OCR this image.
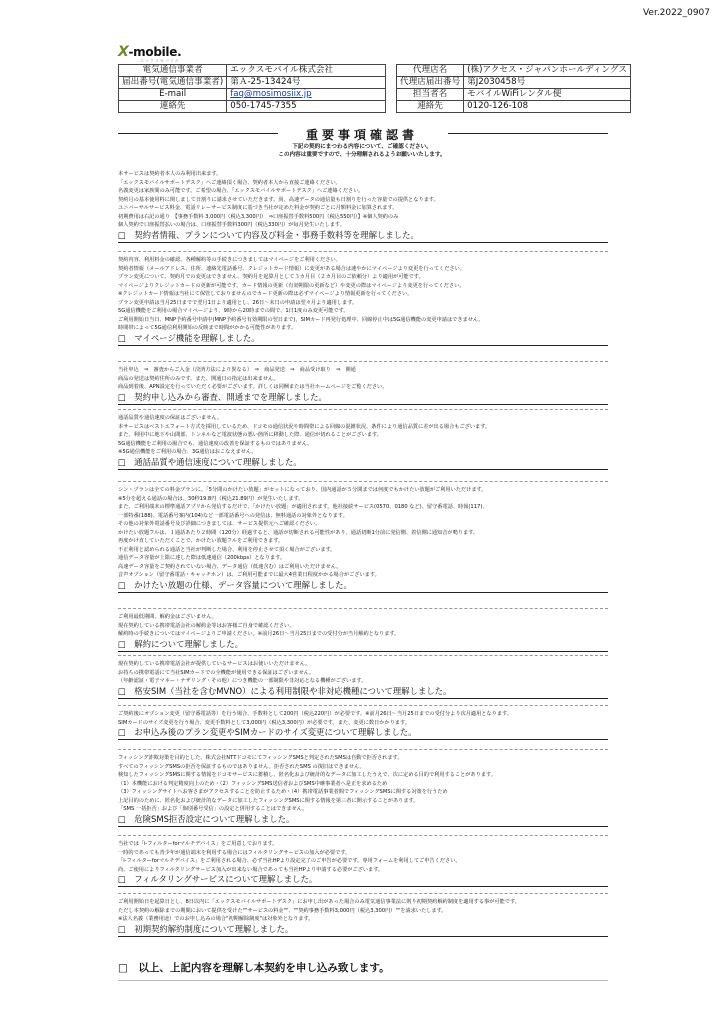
Ver.2022_0907
X-mobile.
エックスモバイル
電気通信事業者	エックスモバイル株式会社
届出番号(電気通信事業者)	第Ａ-25-13424号
E-mail	faq@mosimosiix.jp
連絡先	050-1745-7355
代理店名	(株)アクセス・ジャパンホールディングス
代理店届出番号	第J2030458号
担当者名	モバイルWiFiレンタル便
連絡先	0120-126-108
重要事項確認書
下記の契約にまつわる内容について、ご確認ください。
この内容は重要ですので、十分理解されるようお願いいたします。
本サービスは契約者本人のみ利用出来ます。
「エックスモバイルサポートデスク」へご連絡頂く場合、契約者本人から直接ご連絡ください。
名義変更は家族間のみ可能です。ご希望の場合、「エックスモバイルサポートデスク」へご連絡ください。
契約月の基本使用料に関しまして日割りに請求させていただきます。尚、高速データの通信量も日割りを行った容量での提供となります。
ユニバーサルサービス料金、電話リレーサービス制度に基づき当社が定めた料金が契約ごとに月額料金に加算されます。
初期費用は右記の通り　【事務手数料 3,000円（税込3,300円）　⇒口座振替手数料500円（税込550円）】※個人契約のみ
個人契約で口座振替払いの場合は、口座振替手数料300円（税込330円）が毎月発生いたします。
□　契約者情報、プランについて内容及び料金・事務手数料等を理解しました。
契約内容、利用料金の確認、各種解約等の手続きにつきましてはマイページをご利用ください。
契約者情報（メールアドレス、住所、連絡先電話番号、クレジットカード情報）に変更がある場合は速やかにマイページより変更を行ってください。
プラン変更について、契約月での変更はできません。契約月を起算月として３カ月目（２カ月目のご依頼分）より適用が可能です。
マイページよりクレジットカードの更新が可能です。カード情報の更新（有効期限の更新など）や変更の際はマイページより変更を行ってください。
※クレジットカード情報は当社にて保管しておりませんのでカード更新の際は必ずマイページより情報更新を行ってください。
プラン変更申請は当月25日までで翌月1日より適用とし、26日〜末日の申請は翌々月より適用します。
5G通信機能をご利用の場合マイページより、9時から20時までの間で、1日1度のみ変更可能です。
ご利用開始日当日、MNP予約番号申請中(MNP予約番号有効期限の翌日まで)、SIMカード再発行処理中、回線停止中は5G通信機能の変更申請はできません。
時間帯によって5G通信利用開始の反映まで時間がかかる可能性があります。
□　マイページ機能を理解しました。
当社申込　⇒　審査からご入金（決済方法により異なる）　⇒　商品発送　⇒　商品受け取り　⇒　開通
商品の発送は契約住所のみです。また、開通日の指定は出来ません。
商品到着後、APN設定を行っていただく必要がございます。詳しくは同梱または当社ホームページをご覧ください。
□　契約申し込みから審査、開通までを理解しました。
通話品質や通信速度の保証はございません。
本サービスはベストエフォート方式を採用しているため、ドコモの通信状況や時間帯による回線の混雑状況、条件により通信品質に差が出る場合もございます。
また、利用中に地下や山間部、トンネルなど電波状態の悪い箇所に移動した際、通信が切れることがございます。
5G通信機能をご利用の場合でも、通信速度の改善を保証するものではありません。
※5G通信機能をご利用の場合、3G通信はおこなえません。
□　通話品質や通信速度について理解しました。
シン・プランは全ての料金プランに、「5分間のかけたい放題」がセットになっており、国内通話が５分間までは何度でもかけたい放題がご利用いただけます。
※5分を超える通話の場合は、30秒19.8円（税込21.89円）が発生いたします。
また、ご利用端末の標準通話アプリから発信するだけで、「かけたい放題」が適用されます。他社接続サービス(0570、0180 など)、留守番電話、時報(117)、
一部特番(188)、電話番号案内(104)など一部電話番号への発信は、無料通話の対象外となります。
その他の対象外電話番号及び詳細につきましては、サービス提供元へご確認ください。
かけたい放題フルは、１通話あたり２時間（120分）経過すると、通話が切断される可能性があり、通話切断1分前に発信側、着信側に通知音が鳴ります。
再度かけ直していただくことで、かけたい放題フルをご利用できます。
不正利用と認められる通話と当社が判断した場合、利用を停止させて頂く場合がございます。
通信データ容量が上限に達した際は低速通信（200kbps）となります。
高速データ容量をご契約されていない場合、データ通信（低速含む）はご利用いただけません。
音声オプション（留守番電話・キャッチホン）は、ご利用可能までに最大4営業日程度かかる場合がございます。
□　かけたい放題の仕様、データ容量について理解しました。
ご利用最低期間、解約金はございません。
現在契約している携帯電話会社の解約金等はお客様ご自身で確認ください。
解約時の手続きについてはマイページよりご申請ください。※前月26日〜当月25日までの受付分が当月解約となります。
□　解約について理解しました。
現在契約している携帯電話会社が提供しているサービスはお使いいただけません。
お持ちの携帯電話にて当社SIMカードでの全機能が使用できる保証はございません。
（年齢認証・電子マネー・テザリング・その他）につき機能の一部制限や非対応となる機種がございます。
□　格安SIM（当社を含むMVNO）による利用制限や非対応機種について理解しました。
ご契約後にオプション変更（留守番電話等）を行う場合、手数料として200円（税込220円）が必要です。※前月26日〜当月25日までの受付分より次月適用となります。
SIMカードのサイズ変更を行う場合、変更手数料として3,000円（税込3,300円）が必要です。また、変更に数日かかります。
□　お申込み後のプラン変更やSIMカードのサイズ変更について理解しました。
フィッシング詐欺対策を目的とした、株式会社NTTドコモにてフィッシングSMSと判定されたSMSは自動で拒否されます。
すべてのフィッシングSMSの拒否を保証するものではありません。拒否されたSMS の復旧はできません。
検知したフィッシングSMSに関する情報をドコモサービスに蓄積し、匿名化および統計的なデータに加工したうえで、次に定める目的で利用することがあります。
（1）本機能における判定精度向上のため・（2）フィッシングSMS送信者およびSMS中継事業者へ是正を求めるため
（3）フィッシングサイトへお客さまがアクセスすることを防止するため・（4）携帯電話事業者間でフィッシングSMSに関する対策を行うため
上記目的のために、匿名化および統計的なデータに加工したフィッシングSMSに関する情報を第三者に開示することがあります。
「SMS 一括拒否」および「個別番号受信」の設定と併用することはできません。
□　危険SMS拒否設定について理解しました。
当社では「i-フィルターforマルチデバイス」をご用意しております。
一時的であっても青少年が通信端末を利用する場合にはフィルタリングサービスの加入が必要です。
「i-フィルターforマルチデバイス」をご利用される場合、必ず当社HPより設定完了のご申告が必要です。専用フォームを利用してご申告ください。
尚、ご使用によりフィルタリングサービス加入が出来ない場合であっても当社HPより申請する必要がございます。
□　フィルタリングサービスについて理解しました。
ご利用開始日を起算日とし、8日以内に「エックスモバイルサポートデスク」にお申し出があった場合のみ電気通信事業法に則り初期契約解約制度を適用する事が可能です。
ただし本契約の解除までの期間において提供を受けた""サービスの料金""、""契約事務手数料3,000円（税込3,300円）""を請求いたします。
※法人名義（業務用途）でのお申し込みの場合"初期解除制度"は対象外となります。
□　初期契約解約制度について理解しました。
□　以上、上記内容を理解し本契約を申し込み致します。
